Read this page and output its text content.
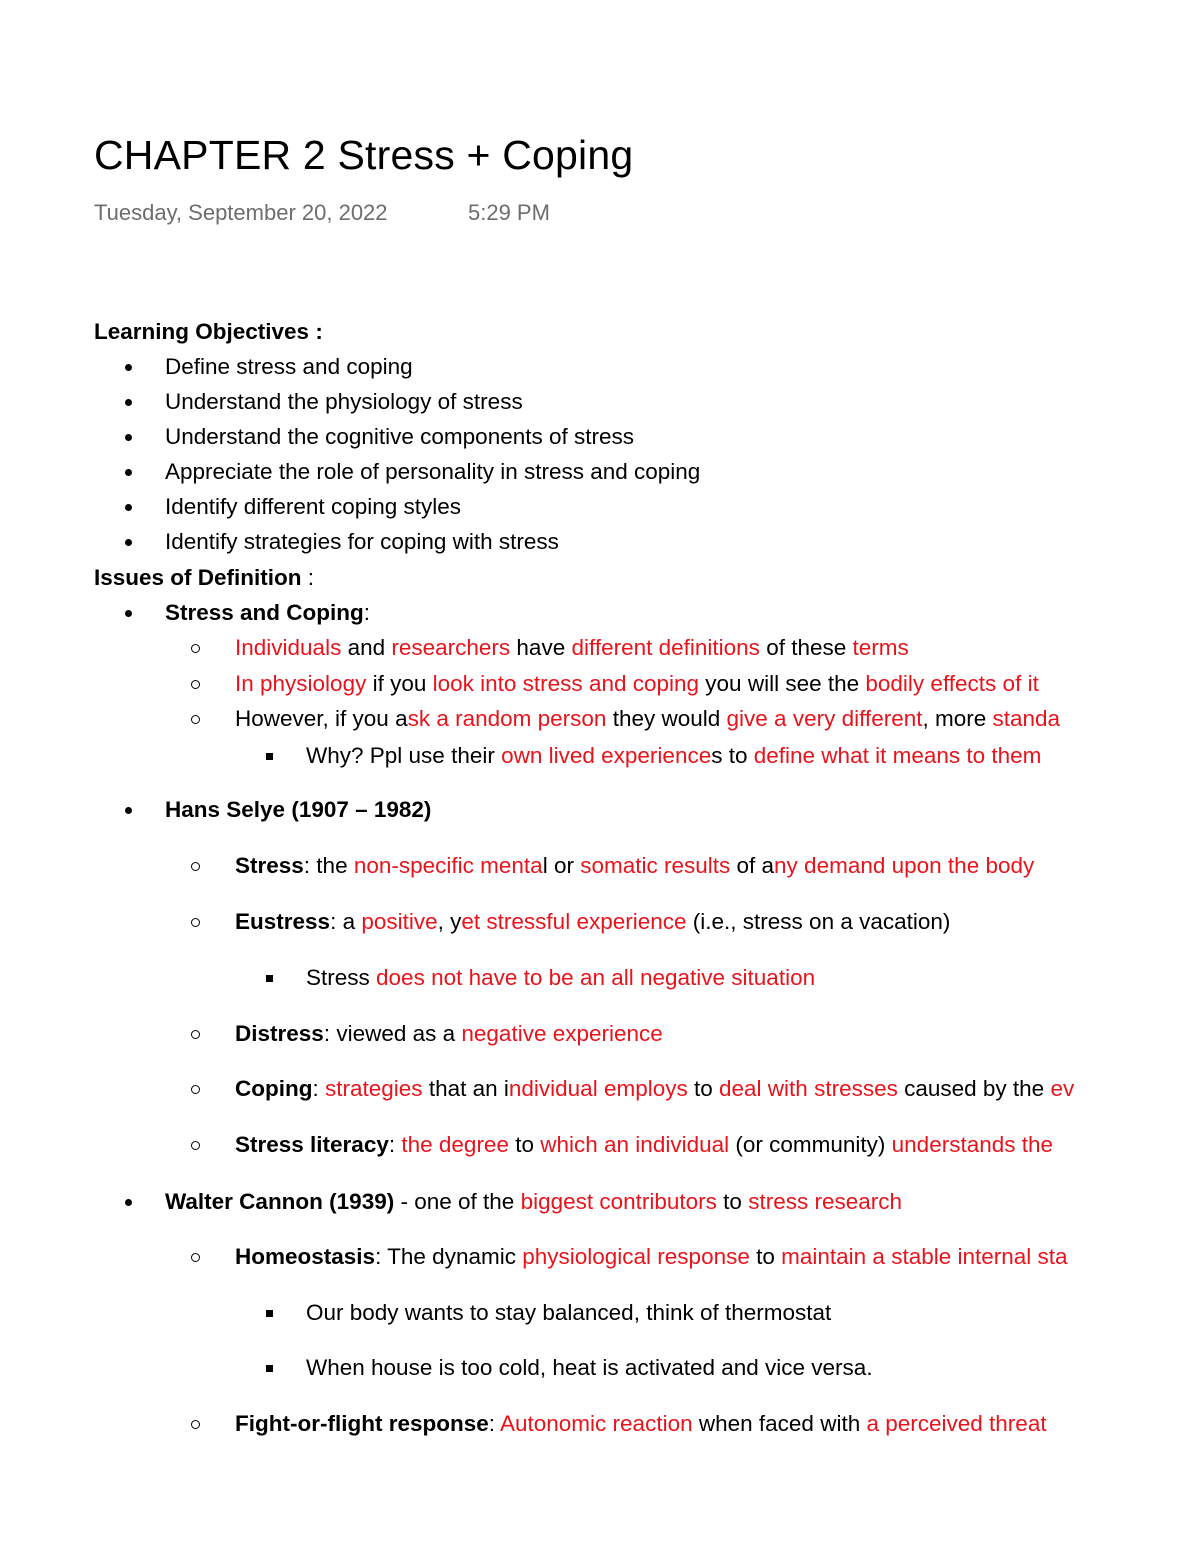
CHAPTER 2 Stress + Coping
Tuesday, September 20, 2022	5:29 PM
Learning Objectives :
Define stress and coping
Understand the physiology of stress
Understand the cognitive components of stress
Appreciate the role of personality in stress and coping
Identify different coping styles
Identify strategies for coping with stress
Issues of Definition :
Stress and Coping:
Individuals and researchers have different definitions of these terms
In physiology if you look into stress and coping you will see the bodily effects of it
However, if you ask a random person they would give a very different, more standa
Why? Ppl use their own lived experiences to define what it means to them
Hans Selye (1907 – 1982)
Stress: the non-specific mental or somatic results of any demand upon the body
Eustress: a positive, yet stressful experience (i.e., stress on a vacation)
Stress does not have to be an all negative situation
Distress: viewed as a negative experience
Coping: strategies that an individual employs to deal with stresses caused by the ev
Stress literacy: the degree to which an individual (or community) understands the
Walter Cannon (1939) - one of the biggest contributors to stress research
Homeostasis: The dynamic physiological response to maintain a stable internal sta
Our body wants to stay balanced, think of thermostat
When house is too cold, heat is activated and vice versa.
Fight-or-flight response: Autonomic reaction when faced with a perceived threat
